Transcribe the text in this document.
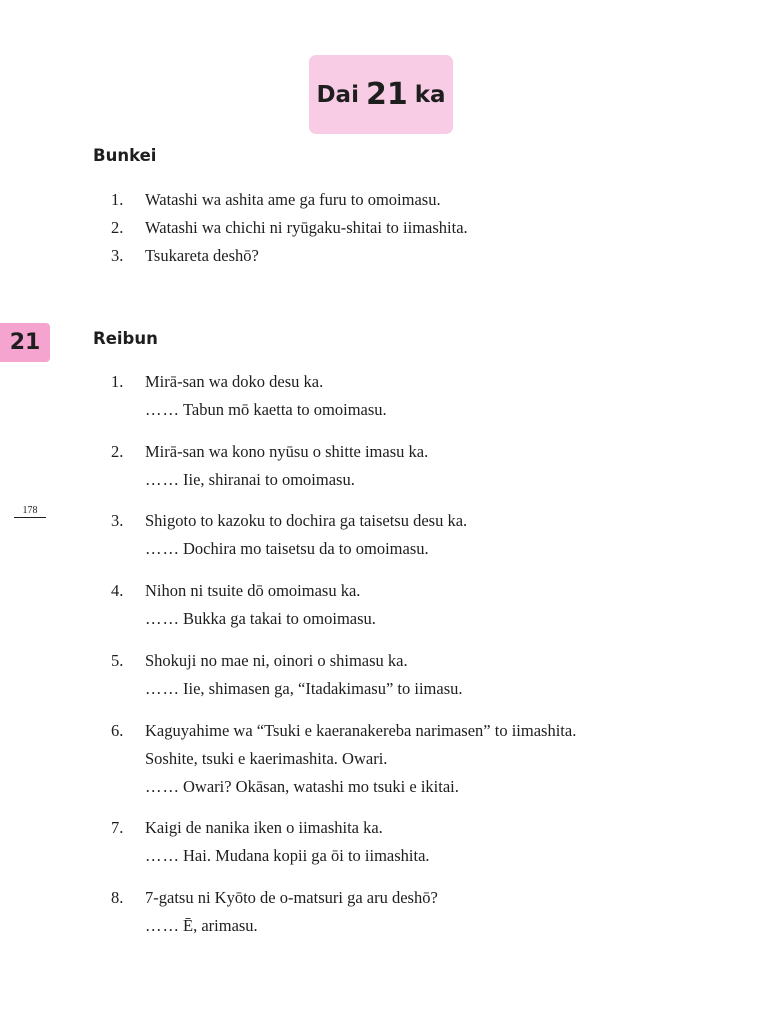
Dai 21 ka
Bunkei
21
178
Reibun
1. Watashi wa ashita ame ga furu to omoimasu.
2. Watashi wa chichi ni ryūgaku-shitai to iimashita.
3. Tsukareta deshō?
1. Mirā-san wa doko desu ka.
…… Tabun mō kaetta to omoimasu.
2. Mirā-san wa kono nyūsu o shitte imasu ka.
…… Iie, shiranai to omoimasu.
3. Shigoto to kazoku to dochira ga taisetsu desu ka.
…… Dochira mo taisetsu da to omoimasu.
4. Nihon ni tsuite dō omoimasu ka.
…… Bukka ga takai to omoimasu.
5. Shokuji no mae ni, oinori o shimasu ka.
…… Iie, shimasen ga, “Itadakimasu” to iimasu.
6. Kaguyahime wa “Tsuki e kaeranakereba narimasen” to iimashita.
Soshite, tsuki e kaerimashita. Owari.
…… Owari? Okāsan, watashi mo tsuki e ikitai.
7. Kaigi de nanika iken o iimashita ka.
…… Hai. Mudana kopii ga ōi to iimashita.
8. 7-gatsu ni Kyōto de o-matsuri ga aru deshō?
…… Ē, arimasu.
